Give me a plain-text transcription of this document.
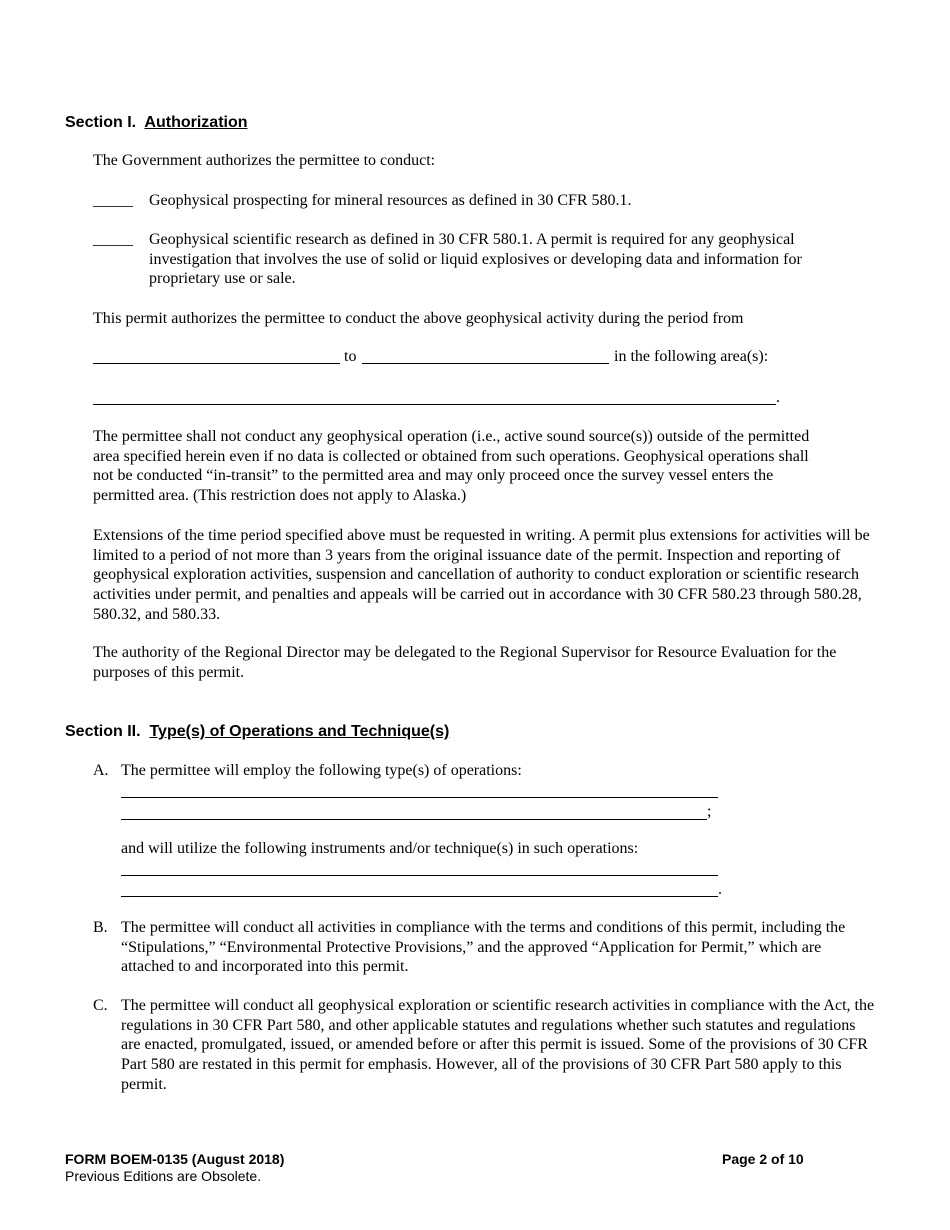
Section I. Authorization
The Government authorizes the permittee to conduct:
_____ Geophysical prospecting for mineral resources as defined in 30 CFR 580.1.
_____ Geophysical scientific research as defined in 30 CFR 580.1. A permit is required for any geophysical investigation that involves the use of solid or liquid explosives or developing data and information for proprietary use or sale.
This permit authorizes the permittee to conduct the above geophysical activity during the period from
to	in the following area(s):
.
The permittee shall not conduct any geophysical operation (i.e., active sound source(s)) outside of the permitted area specified herein even if no data is collected or obtained from such operations. Geophysical operations shall not be conducted “in-transit” to the permitted area and may only proceed once the survey vessel enters the permitted area. (This restriction does not apply to Alaska.)
Extensions of the time period specified above must be requested in writing. A permit plus extensions for activities will be limited to a period of not more than 3 years from the original issuance date of the permit. Inspection and reporting of geophysical exploration activities, suspension and cancellation of authority to conduct exploration or scientific research activities under permit, and penalties and appeals will be carried out in accordance with 30 CFR 580.23 through 580.28, 580.32, and 580.33.
The authority of the Regional Director may be delegated to the Regional Supervisor for Resource Evaluation for the purposes of this permit.
Section II. Type(s) of Operations and Technique(s)
A. The permittee will employ the following type(s) of operations:
;
and will utilize the following instruments and/or technique(s) in such operations:
.
B. The permittee will conduct all activities in compliance with the terms and conditions of this permit, including the “Stipulations,” “Environmental Protective Provisions,” and the approved “Application for Permit,” which are attached to and incorporated into this permit.
C. The permittee will conduct all geophysical exploration or scientific research activities in compliance with the Act, the regulations in 30 CFR Part 580, and other applicable statutes and regulations whether such statutes and regulations are enacted, promulgated, issued, or amended before or after this permit is issued. Some of the provisions of 30 CFR Part 580 are restated in this permit for emphasis. However, all of the provisions of 30 CFR Part 580 apply to this permit.
FORM BOEM-0135 (August 2018)
Previous Editions are Obsolete.
Page 2 of 10
